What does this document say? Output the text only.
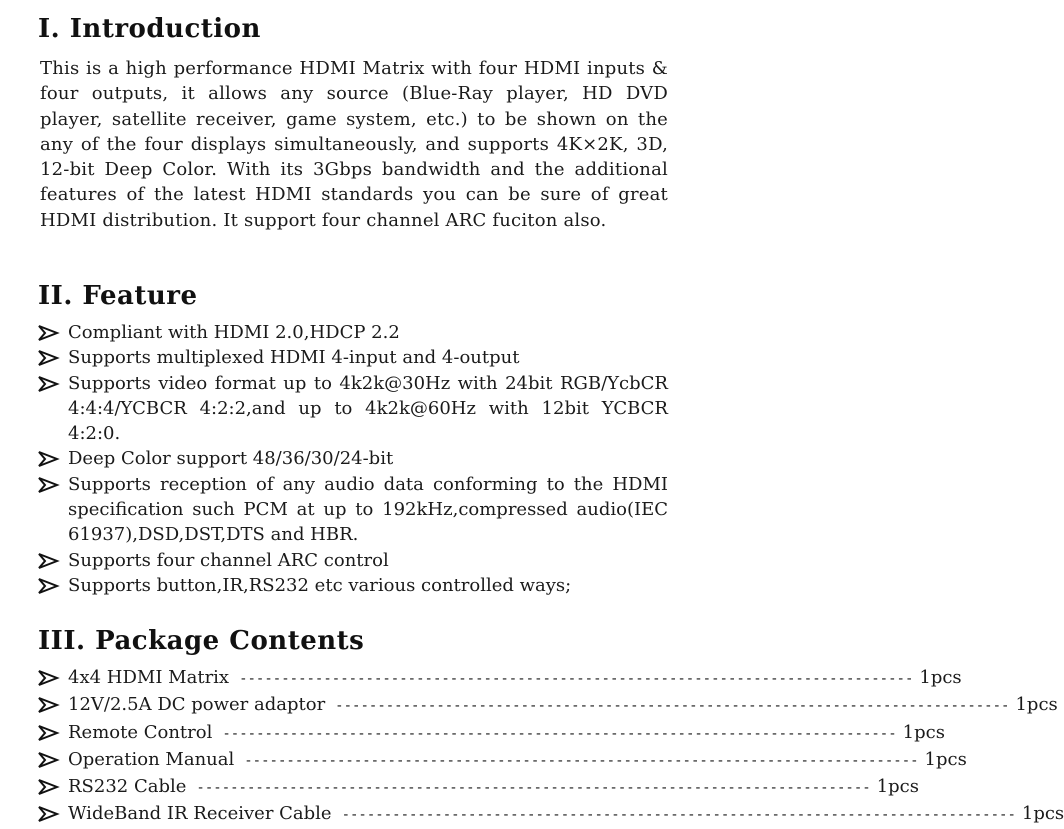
I. Introduction

This is a high performance HDMI Matrix with four HDMI inputs & four outputs, it allows any source (Blue-Ray player, HD DVD player, satellite receiver, game system, etc.) to be shown on the any of the four displays simultaneously, and supports 4K×2K, 3D, 12-bit Deep Color. With its 3Gbps bandwidth and the additional features of the latest HDMI standards you can be sure of great HDMI distribution. It support four channel ARC fuciton also.

II. Feature
Compliant with HDMI 2.0,HDCP 2.2
Supports multiplexed HDMI 4-input and 4-output
Supports video format up to 4k2k@30Hz with 24bit RGB/YcbCR 4:4:4/YCBCR 4:2:2,and up to 4k2k@60Hz with 12bit YCBCR 4:2:0.
Deep Color support 48/36/30/24-bit
Supports reception of any audio data conforming to the HDMI specification such PCM at up to 192kHz,compressed audio(IEC 61937),DSD,DST,DTS and HBR.
Supports four channel ARC control
Supports button,IR,RS232 etc various controlled ways;
III. Package Contents
4x4 HDMI Matrix -------------------------------------------------------------------------------- 1pcs
12V/2.5A DC power adaptor -------------------------------------------------------------------------------- 1pcs
Remote Control -------------------------------------------------------------------------------- 1pcs
Operation Manual -------------------------------------------------------------------------------- 1pcs
RS232 Cable -------------------------------------------------------------------------------- 1pcs
WideBand IR Receiver Cable -------------------------------------------------------------------------------- 1pcs
